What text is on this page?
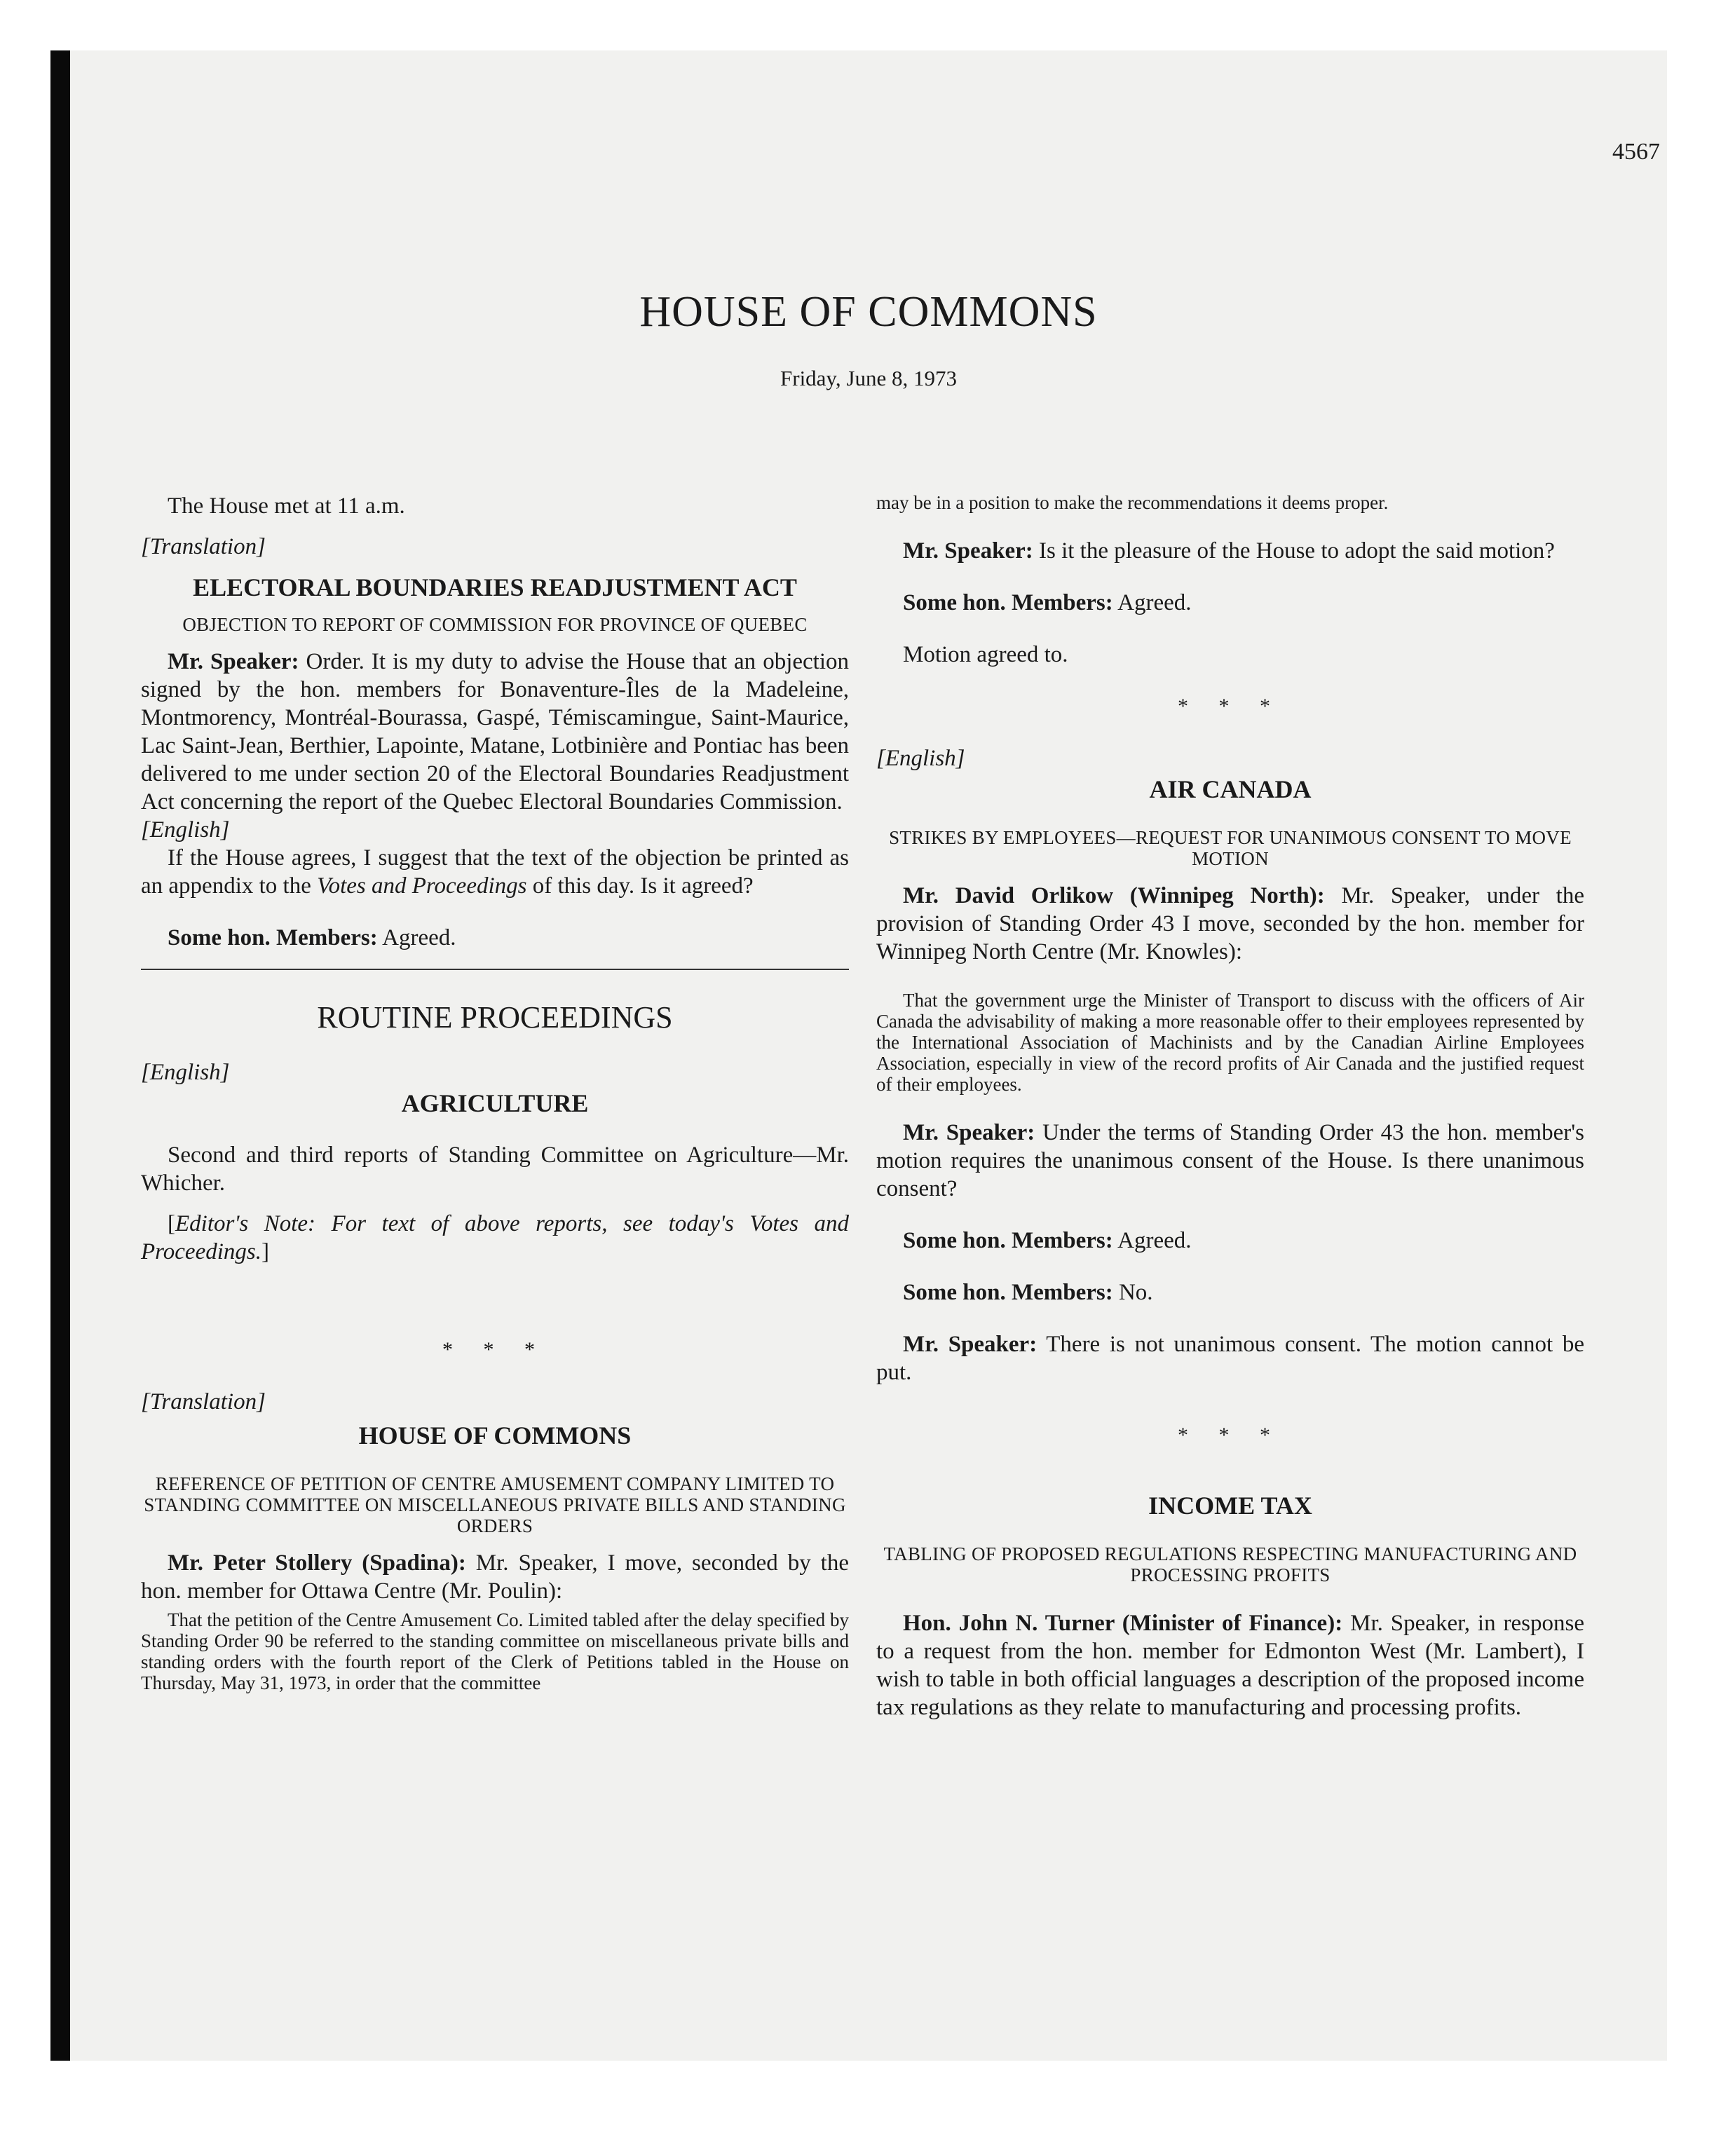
4567
HOUSE OF COMMONS
Friday, June 8, 1973

The House met at 11 a.m.

[Translation]

ELECTORAL BOUNDARIES READJUSTMENT ACT
OBJECTION TO REPORT OF COMMISSION FOR PROVINCE OF QUEBEC

Mr. Speaker: Order. It is my duty to advise the House that an objection signed by the hon. members for Bonaventure-Îles de la Madeleine, Montmorency, Montréal-Bourassa, Gaspé, Témiscamingue, Saint-Maurice, Lac Saint-Jean, Berthier, Lapointe, Matane, Lotbinière and Pontiac has been delivered to me under section 20 of the Electoral Boundaries Readjustment Act concerning the report of the Quebec Electoral Boundaries Commission.

[English]

If the House agrees, I suggest that the text of the objection be printed as an appendix to the Votes and Proceedings of this day. Is it agreed?

Some hon. Members: Agreed.

ROUTINE PROCEEDINGS

[English]

AGRICULTURE

Second and third reports of Standing Committee on Agriculture—Mr. Whicher.

[Editor's Note: For text of above reports, see today's Votes and Proceedings.]

* * *

[Translation]

HOUSE OF COMMONS
REFERENCE OF PETITION OF CENTRE AMUSEMENT COMPANY LIMITED TO STANDING COMMITTEE ON MISCELLANEOUS PRIVATE BILLS AND STANDING ORDERS

Mr. Peter Stollery (Spadina): Mr. Speaker, I move, seconded by the hon. member for Ottawa Centre (Mr. Poulin):

That the petition of the Centre Amusement Co. Limited tabled after the delay specified by Standing Order 90 be referred to the standing committee on miscellaneous private bills and standing orders with the fourth report of the Clerk of Petitions tabled in the House on Thursday, May 31, 1973, in order that the committee

may be in a position to make the recommendations it deems proper.

Mr. Speaker: Is it the pleasure of the House to adopt the said motion?

Some hon. Members: Agreed.

Motion agreed to.

* * *

[English]

AIR CANADA
STRIKES BY EMPLOYEES—REQUEST FOR UNANIMOUS CONSENT TO MOVE MOTION

Mr. David Orlikow (Winnipeg North): Mr. Speaker, under the provision of Standing Order 43 I move, seconded by the hon. member for Winnipeg North Centre (Mr. Knowles):

That the government urge the Minister of Transport to discuss with the officers of Air Canada the advisability of making a more reasonable offer to their employees represented by the International Association of Machinists and by the Canadian Airline Employees Association, especially in view of the record profits of Air Canada and the justified request of their employees.

Mr. Speaker: Under the terms of Standing Order 43 the hon. member's motion requires the unanimous consent of the House. Is there unanimous consent?

Some hon. Members: Agreed.

Some hon. Members: No.

Mr. Speaker: There is not unanimous consent. The motion cannot be put.

* * *
INCOME TAX
TABLING OF PROPOSED REGULATIONS RESPECTING MANUFACTURING AND PROCESSING PROFITS

Hon. John N. Turner (Minister of Finance): Mr. Speaker, in response to a request from the hon. member for Edmonton West (Mr. Lambert), I wish to table in both official languages a description of the proposed income tax regulations as they relate to manufacturing and processing profits.
